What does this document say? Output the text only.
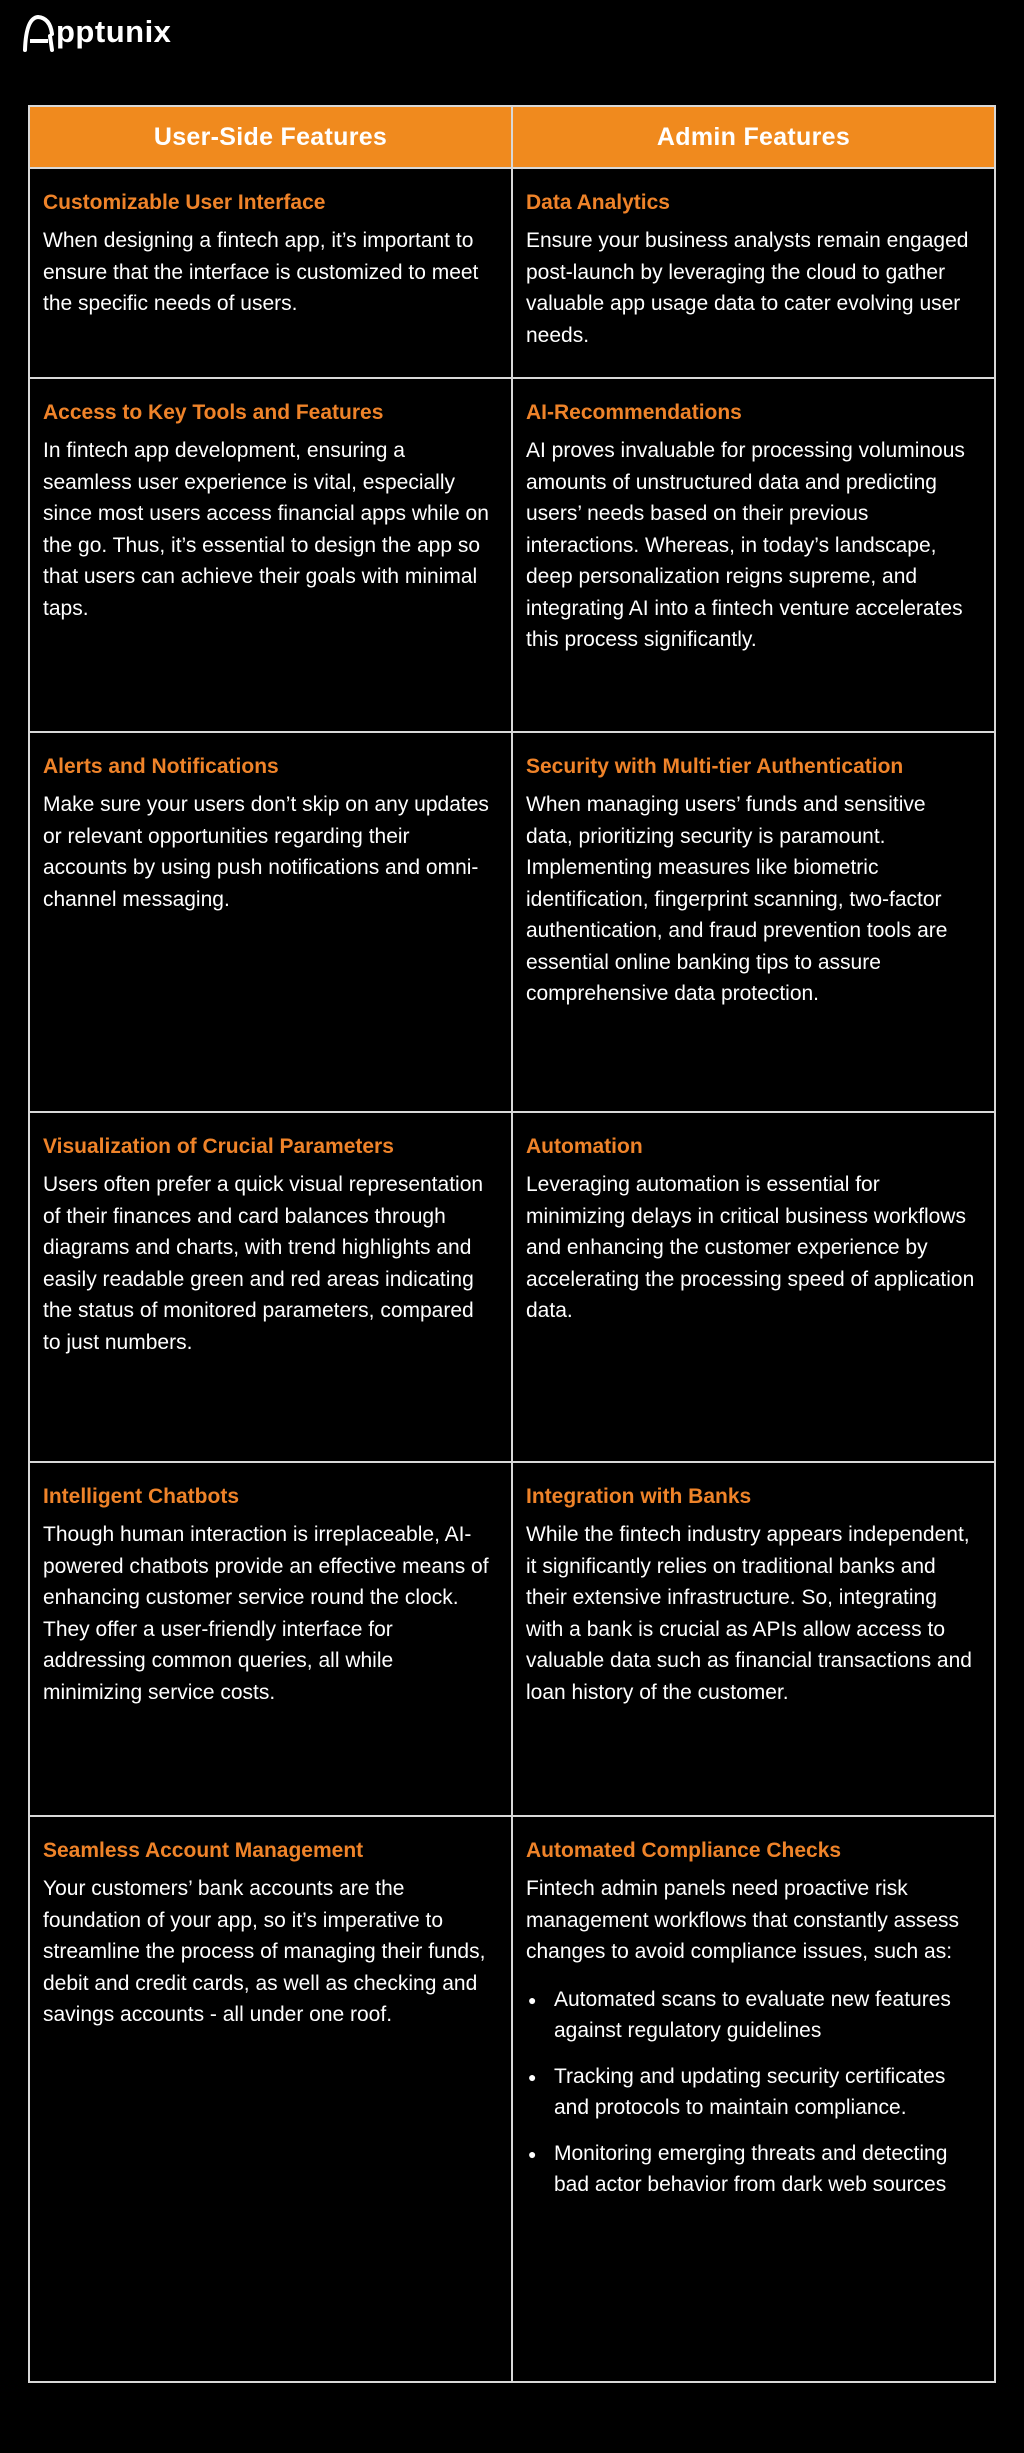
pptunix
User-Side Features	Admin Features
Customizable User Interface

When designing a fintech app, it’s important to ensure that the interface is customized to meet the specific needs of users.

Data Analytics

Ensure your business analysts remain engaged post-launch by leveraging the cloud to gather valuable app usage data to cater evolving user needs.

Access to Key Tools and Features

In fintech app development, ensuring a seamless user experience is vital, especially since most users access financial apps while on the go. Thus, it’s essential to design the app so that users can achieve their goals with minimal taps.

AI-Recommendations

AI proves invaluable for processing voluminous amounts of unstructured data and predicting users’ needs based on their previous interactions. Whereas, in today’s landscape, deep personalization reigns supreme, and integrating AI into a fintech venture accelerates this process significantly.

Alerts and Notifications

Make sure your users don’t skip on any updates or relevant opportunities regarding their accounts by using push notifications and omni-channel messaging.

Security with Multi-tier Authentication

When managing users’ funds and sensitive data, prioritizing security is paramount. Implementing measures like biometric identification, fingerprint scanning, two-factor authentication, and fraud prevention tools are essential online banking tips to assure comprehensive data protection.

Visualization of Crucial Parameters

Users often prefer a quick visual representation of their finances and card balances through diagrams and charts, with trend highlights and easily readable green and red areas indicating the status of monitored parameters, compared to just numbers.

Automation

Leveraging automation is essential for minimizing delays in critical business workflows and enhancing the customer experience by accelerating the processing speed of application data.

Intelligent Chatbots

Though human interaction is irreplaceable, AI-powered chatbots provide an effective means of enhancing customer service round the clock. They offer a user-friendly interface for addressing common queries, all while minimizing service costs.

Integration with Banks

While the fintech industry appears independent, it significantly relies on traditional banks and their extensive infrastructure. So, integrating with a bank is crucial as APIs allow access to valuable data such as financial transactions and loan history of the customer.

Seamless Account Management

Your customers’ bank accounts are the foundation of your app, so it’s imperative to streamline the process of managing their funds, debit and credit cards, as well as checking and savings accounts - all under one roof.

Automated Compliance Checks

Fintech admin panels need proactive risk management workflows that constantly assess changes to avoid compliance issues, such as:

● Automated scans to evaluate new features against regulatory guidelines
● Tracking and updating security certificates and protocols to maintain compliance.
● Monitoring emerging threats and detecting bad actor behavior from dark web sources
